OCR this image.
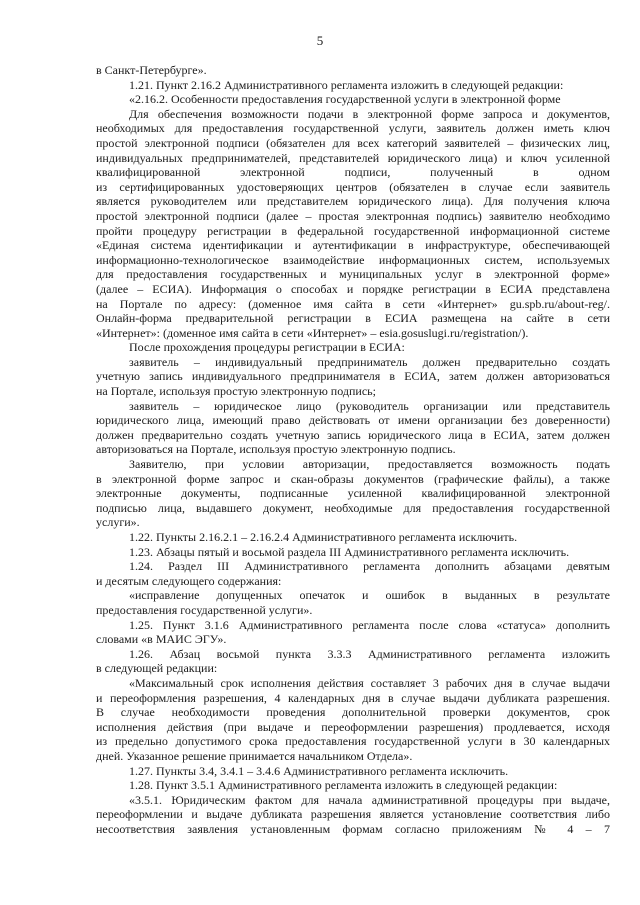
5
в Санкт-Петербурге».
1.21. Пункт 2.16.2 Административного регламента изложить в следующей редакции:
«2.16.2. Особенности предоставления государственной услуги в электронной форме
Для обеспечения возможности подачи в электронной форме запроса и документов,
необходимых для предоставления государственной услуги, заявитель должен иметь ключ
простой электронной подписи (обязателен для всех категорий заявителей – физических лиц,
индивидуальных предпринимателей, представителей юридического лица) и ключ усиленной
квалифицированной электронной подписи, полученный в одном
из сертифицированных удостоверяющих центров (обязателен в случае если заявитель
является руководителем или представителем юридического лица). Для получения ключа
простой электронной подписи (далее – простая электронная подпись) заявителю необходимо
пройти процедуру регистрации в федеральной государственной информационной системе
«Единая система идентификации и аутентификации в инфраструктуре, обеспечивающей
информационно-технологическое взаимодействие информационных систем, используемых
для предоставления государственных и муниципальных услуг в электронной форме»
(далее – ЕСИА). Информация о способах и порядке регистрации в ЕСИА представлена
на Портале по адресу: (доменное имя сайта в сети «Интернет» gu.spb.ru/about-reg/.
Онлайн-форма предварительной регистрации в ЕСИА размещена на сайте в сети
«Интернет»: (доменное имя сайта в сети «Интернет» – esia.gosuslugi.ru/registration/).
После прохождения процедуры регистрации в ЕСИА:
заявитель – индивидуальный предприниматель должен предварительно создать
учетную запись индивидуального предпринимателя в ЕСИА, затем должен авторизоваться
на Портале, используя простую электронную подпись;
заявитель – юридическое лицо (руководитель организации или представитель
юридического лица, имеющий право действовать от имени организации без доверенности)
должен предварительно создать учетную запись юридического лица в ЕСИА, затем должен
авторизоваться на Портале, используя простую электронную подпись.
Заявителю, при условии авторизации, предоставляется возможность подать
в электронной форме запрос и скан-образы документов (графические файлы), а также
электронные документы, подписанные усиленной квалифицированной электронной
подписью лица, выдавшего документ, необходимые для предоставления государственной
услуги».
1.22. Пункты 2.16.2.1 – 2.16.2.4 Административного регламента исключить.
1.23. Абзацы пятый и восьмой раздела III Административного регламента исключить.
1.24. Раздел III Административного регламента дополнить абзацами девятым
и десятым следующего содержания:
«исправление допущенных опечаток и ошибок в выданных в результате
предоставления государственной услуги».
1.25. Пункт 3.1.6 Административного регламента после слова «статуса» дополнить
словами «в МАИС ЭГУ».
1.26. Абзац восьмой пункта 3.3.3 Административного регламента изложить
в следующей редакции:
«Максимальный срок исполнения действия составляет 3 рабочих дня в случае выдачи
и переоформления разрешения, 4 календарных дня в случае выдачи дубликата разрешения.
В случае необходимости проведения дополнительной проверки документов, срок
исполнения действия (при выдаче и переоформлении разрешения) продлевается, исходя
из предельно допустимого срока предоставления государственной услуги в 30 календарных
дней. Указанное решение принимается начальником Отдела».
1.27. Пункты 3.4, 3.4.1 – 3.4.6 Административного регламента исключить.
1.28. Пункт 3.5.1 Административного регламента изложить в следующей редакции:
«3.5.1. Юридическим фактом для начала административной процедуры при выдаче,
переоформлении и выдаче дубликата разрешения является установление соответствия либо
несоответствия заявления установленным формам согласно приложениям № 4 – 7
